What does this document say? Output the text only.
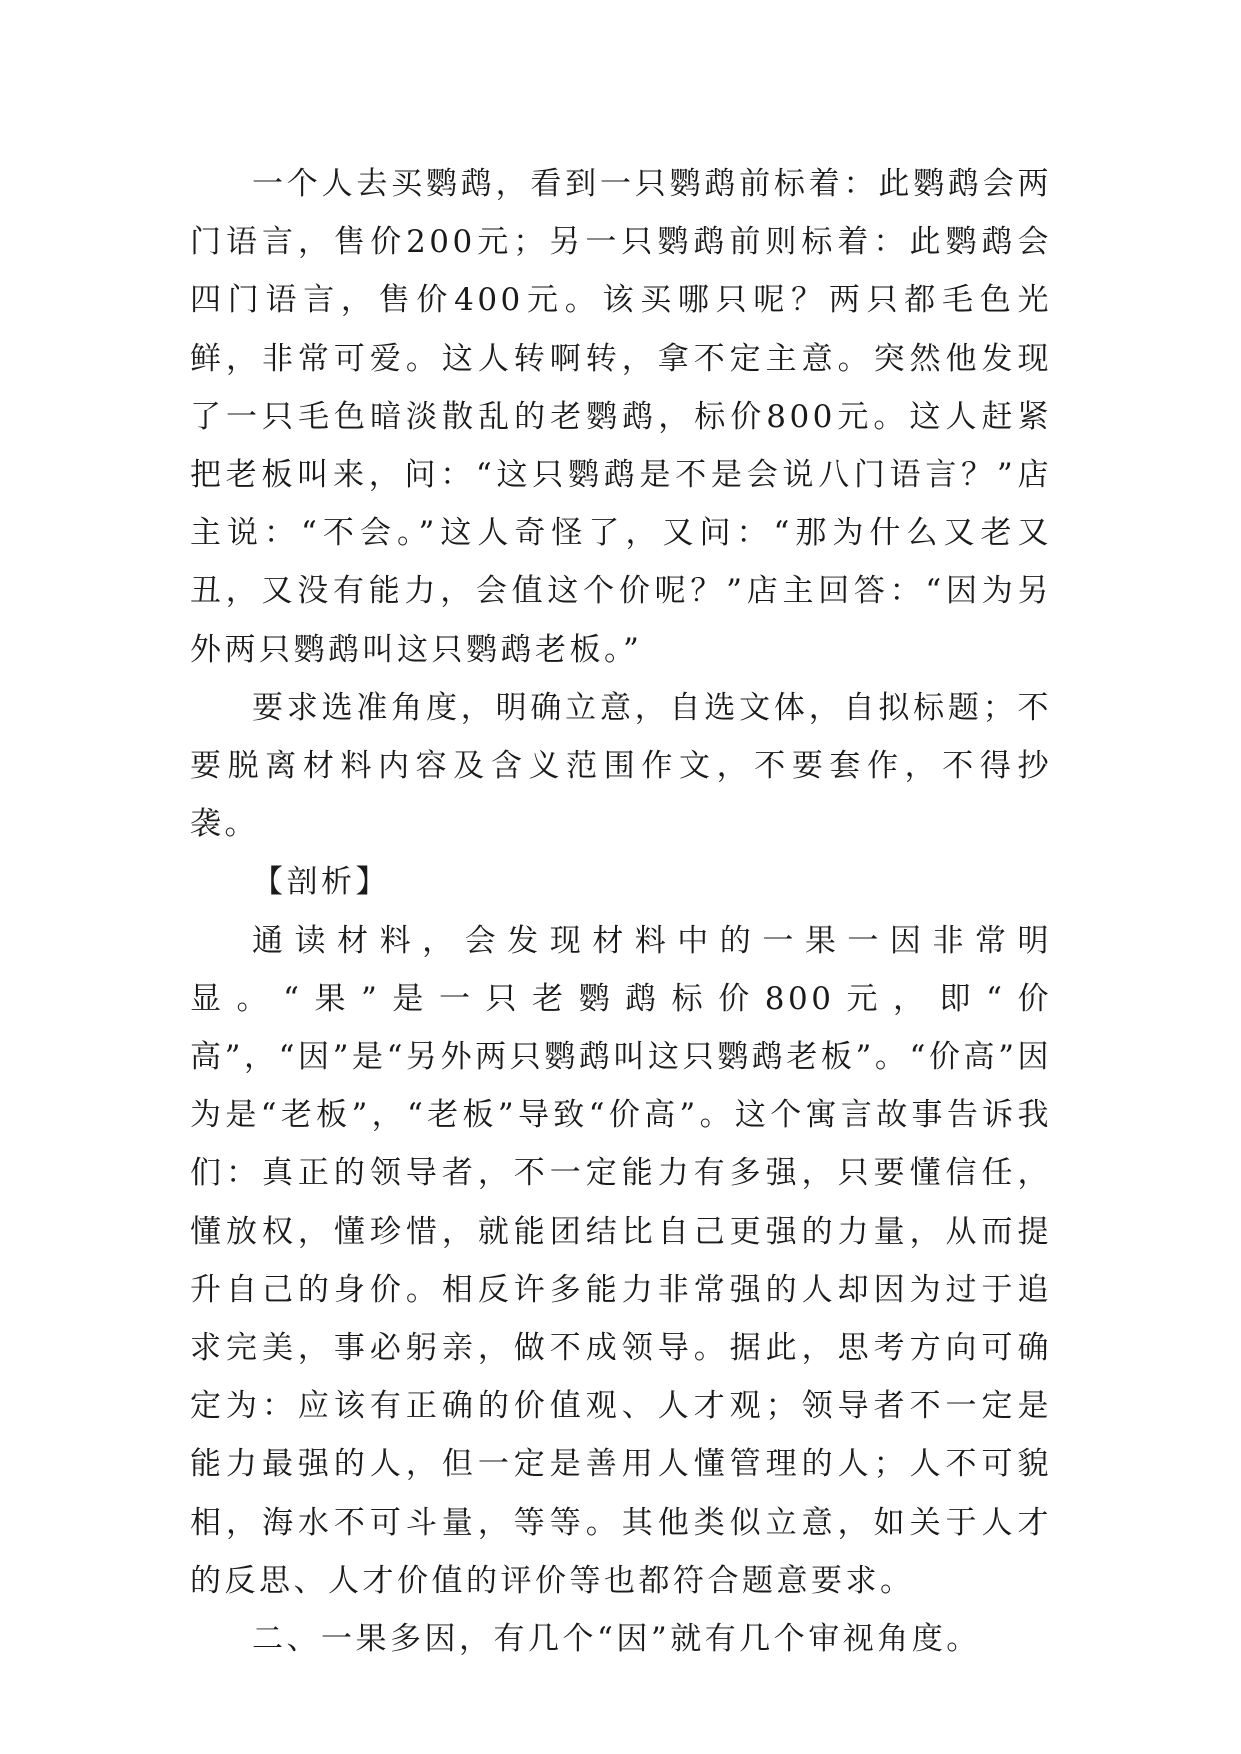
一个人去买鹦鹉，看到一只鹦鹉前标着：此鹦鹉会两门语言，售价200元；另一只鹦鹉前则标着：此鹦鹉会四门语言，售价400元。该买哪只呢？两只都毛色光鲜，非常可爱。这人转啊转，拿不定主意。突然他发现了一只毛色暗淡散乱的老鹦鹉，标价800元。这人赶紧把老板叫来，问：“这只鹦鹉是不是会说八门语言？”店主说：“不会。”这人奇怪了，又问：“那为什么又老又丑，又没有能力，会值这个价呢？”店主回答：“因为另外两只鹦鹉叫这只鹦鹉老板。”

要求选准角度，明确立意，自选文体，自拟标题；不要脱离材料内容及含义范围作文，不要套作，不得抄袭。

【剖析】

通读材料，会发现材料中的一果一因非常明显。“果”是一只老鹦鹉标价800元，即“价高”，“因”是“另外两只鹦鹉叫这只鹦鹉老板”。“价高”因为是“老板”，“老板”导致“价高”。这个寓言故事告诉我们：真正的领导者，不一定能力有多强，只要懂信任，懂放权，懂珍惜，就能团结比自己更强的力量，从而提升自己的身价。相反许多能力非常强的人却因为过于追求完美，事必躬亲，做不成领导。据此，思考方向可确定为：应该有正确的价值观、人才观；领导者不一定是能力最强的人，但一定是善用人懂管理的人；人不可貌相，海水不可斗量，等等。其他类似立意，如关于人才的反思、人才价值的评价等也都符合题意要求。

二、一果多因，有几个“因”就有几个审视角度。
